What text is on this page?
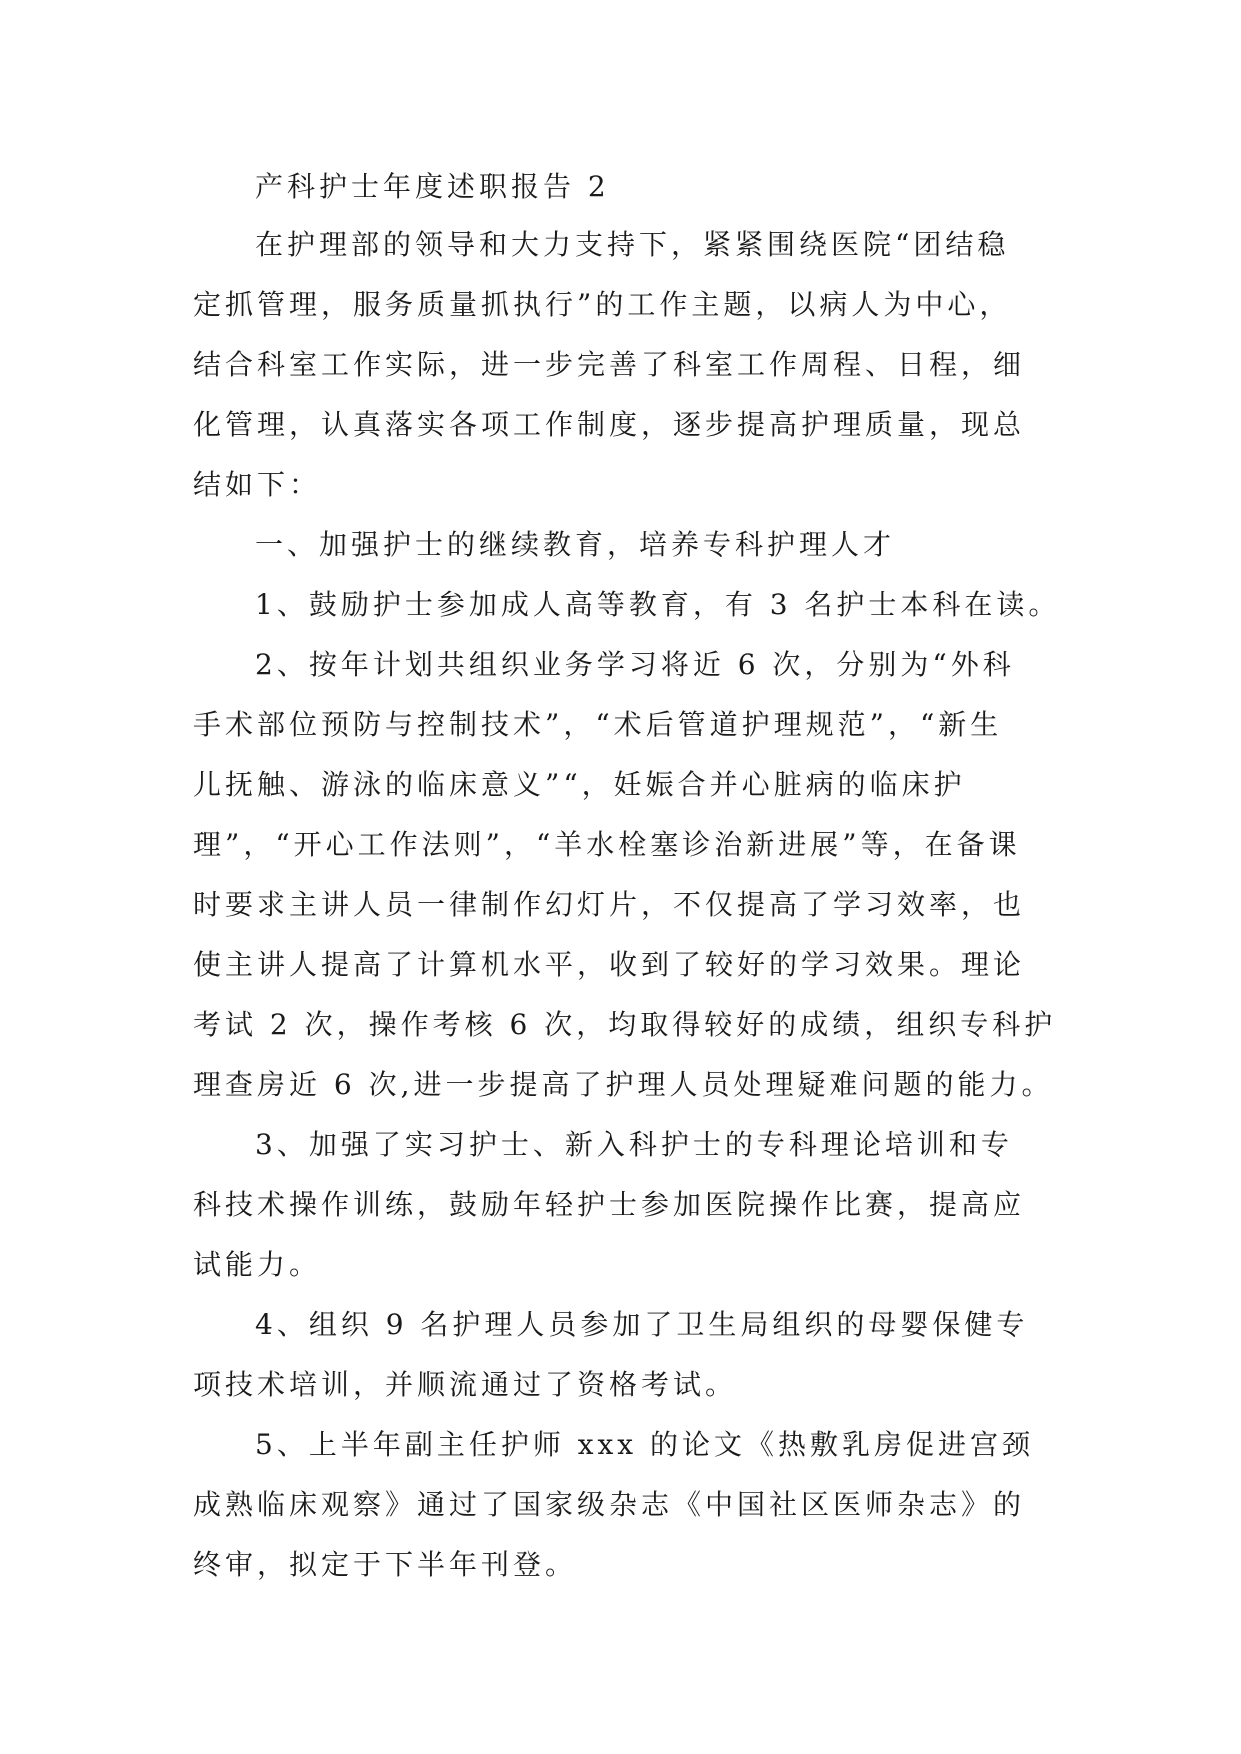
产科护士年度述职报告 2
在护理部的领导和大力支持下，紧紧围绕医院“团结稳
定抓管理，服务质量抓执行”的工作主题，以病人为中心，
结合科室工作实际，进一步完善了科室工作周程、日程，细
化管理，认真落实各项工作制度，逐步提高护理质量，现总
结如下：
一、加强护士的继续教育，培养专科护理人才
1、鼓励护士参加成人高等教育，有 3 名护士本科在读。
2、按年计划共组织业务学习将近 6 次，分别为“外科
手术部位预防与控制技术”，“术后管道护理规范”，“新生
儿抚触、游泳的临床意义”“，妊娠合并心脏病的临床护
理”，“开心工作法则”，“羊水栓塞诊治新进展”等，在备课
时要求主讲人员一律制作幻灯片，不仅提高了学习效率，也
使主讲人提高了计算机水平，收到了较好的学习效果。理论
考试 2 次，操作考核 6 次，均取得较好的成绩，组织专科护
理查房近 6 次,进一步提高了护理人员处理疑难问题的能力。
3、加强了实习护士、新入科护士的专科理论培训和专
科技术操作训练，鼓励年轻护士参加医院操作比赛，提高应
试能力。
4、组织 9 名护理人员参加了卫生局组织的母婴保健专
项技术培训，并顺流通过了资格考试。
5、上半年副主任护师 xxx 的论文《热敷乳房促进宫颈
成熟临床观察》通过了国家级杂志《中国社区医师杂志》的
终审，拟定于下半年刊登。
